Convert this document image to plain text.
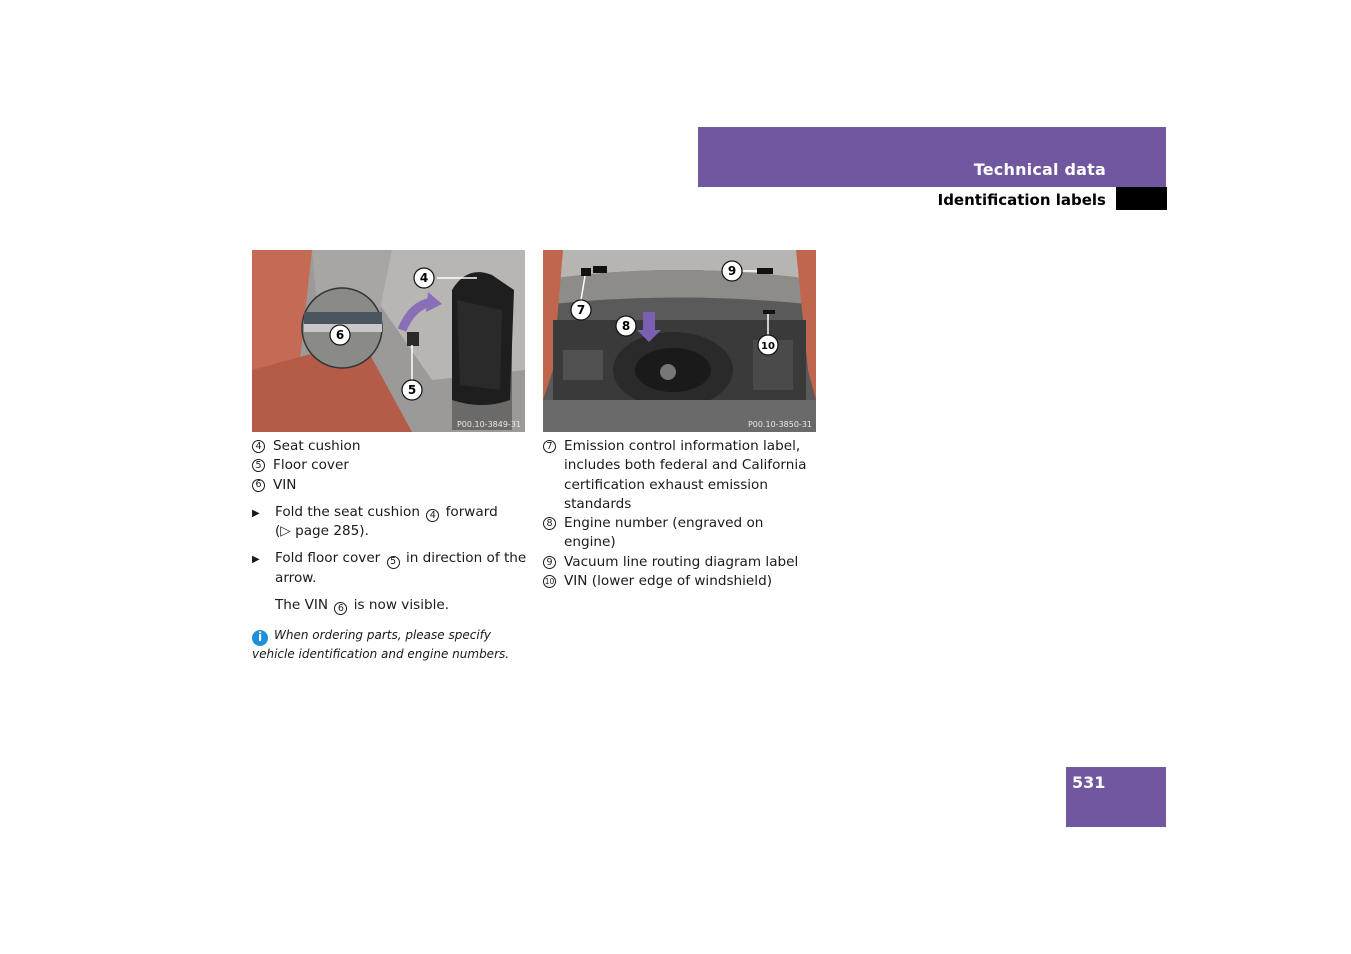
Technical data
Identification labels
4
5
6
P00.10-3849-31
7
8
9
10
P00.10-3850-31
4 Seat cushion
5 Floor cover
6 VIN
▶ Fold the seat cushion 4 forward
(▷ page 285).
▶ Fold floor cover 5 in direction of the
arrow.
The VIN 6 is now visible.
i When ordering parts, please specify vehicle identification and engine numbers.
7 Emission control information label, includes both federal and California certification exhaust emission standards
8 Engine number (engraved on engine)
9 Vacuum line routing diagram label
10 VIN (lower edge of windshield)
531
